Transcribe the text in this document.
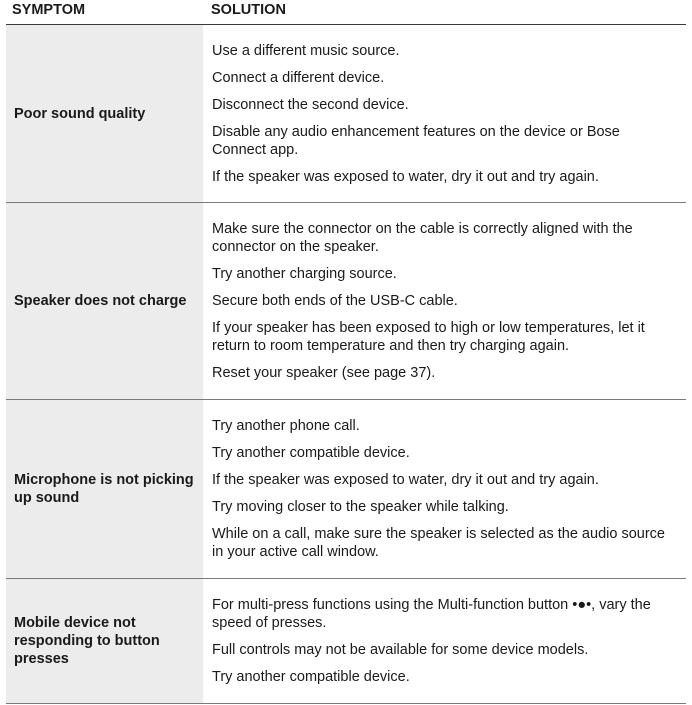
SYMPTOM	SOLUTION
Poor sound quality
Use a different music source.
Connect a different device.
Disconnect the second device.
Disable any audio enhancement features on the device or Bose Connect app.
If the speaker was exposed to water, dry it out and try again.
Speaker does not charge
Make sure the connector on the cable is correctly aligned with the connector on the speaker.
Try another charging source.
Secure both ends of the USB-C cable.
If your speaker has been exposed to high or low temperatures, let it return to room temperature and then try charging again.
Reset your speaker (see page 37).
Microphone is not picking up sound
Try another phone call.
Try another compatible device.
If the speaker was exposed to water, dry it out and try again.
Try moving closer to the speaker while talking.
While on a call, make sure the speaker is selected as the audio source in your active call window.
Mobile device not responding to button presses
For multi-press functions using the Multi-function button •●•, vary the speed of presses.
Full controls may not be available for some device models.
Try another compatible device.
